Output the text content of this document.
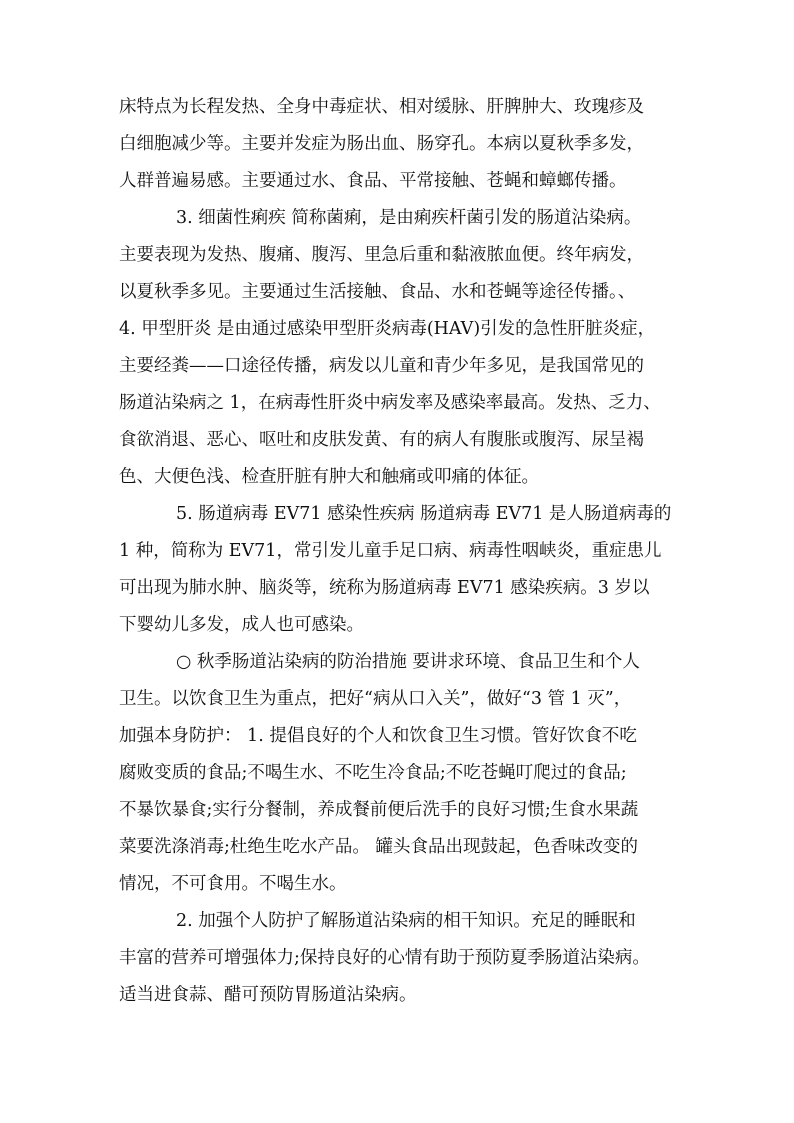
床特点为长程发热、全身中毒症状、相对缓脉、肝脾肿大、玫瑰疹及
白细胞减少等。主要并发症为肠出血、肠穿孔。本病以夏秋季多发，
人群普遍易感。主要通过水、食品、平常接触、苍蝇和蟑螂传播。
3. 细菌性痢疾 简称菌痢，是由痢疾杆菌引发的肠道沾染病。
主要表现为发热、腹痛、腹泻、里急后重和黏液脓血便。终年病发，
以夏秋季多见。主要通过生活接触、食品、水和苍蝇等途径传播。、
4. 甲型肝炎 是由通过感染甲型肝炎病毒(HAV)引发的急性肝脏炎症，
主要经粪——口途径传播，病发以儿童和青少年多见，是我国常见的
肠道沾染病之 1，在病毒性肝炎中病发率及感染率最高。发热、乏力、
食欲消退、恶心、呕吐和皮肤发黄、有的病人有腹胀或腹泻、尿呈褐
色、大便色浅、检查肝脏有肿大和触痛或叩痛的体征。
5. 肠道病毒 EV71 感染性疾病 肠道病毒 EV71 是人肠道病毒的
1 种，简称为 EV71，常引发儿童手足口病、病毒性咽峡炎，重症患儿
可出现为肺水肿、脑炎等，统称为肠道病毒 EV71 感染疾病。3 岁以
下婴幼儿多发，成人也可感染。
○ 秋季肠道沾染病的防治措施 要讲求环境、食品卫生和个人
卫生。以饮食卫生为重点，把好“病从口入关”，做好“3 管 1 灭”，
加强本身防护： 1. 提倡良好的个人和饮食卫生习惯。管好饮食不吃
腐败变质的食品;不喝生水、不吃生冷食品;不吃苍蝇叮爬过的食品;
不暴饮暴食;实行分餐制，养成餐前便后洗手的良好习惯;生食水果蔬
菜要洗涤消毒;杜绝生吃水产品。 罐头食品出现鼓起，色香味改变的
情况，不可食用。不喝生水。
2. 加强个人防护了解肠道沾染病的相干知识。充足的睡眠和
丰富的营养可增强体力;保持良好的心情有助于预防夏季肠道沾染病。
适当进食蒜、醋可预防胃肠道沾染病。
